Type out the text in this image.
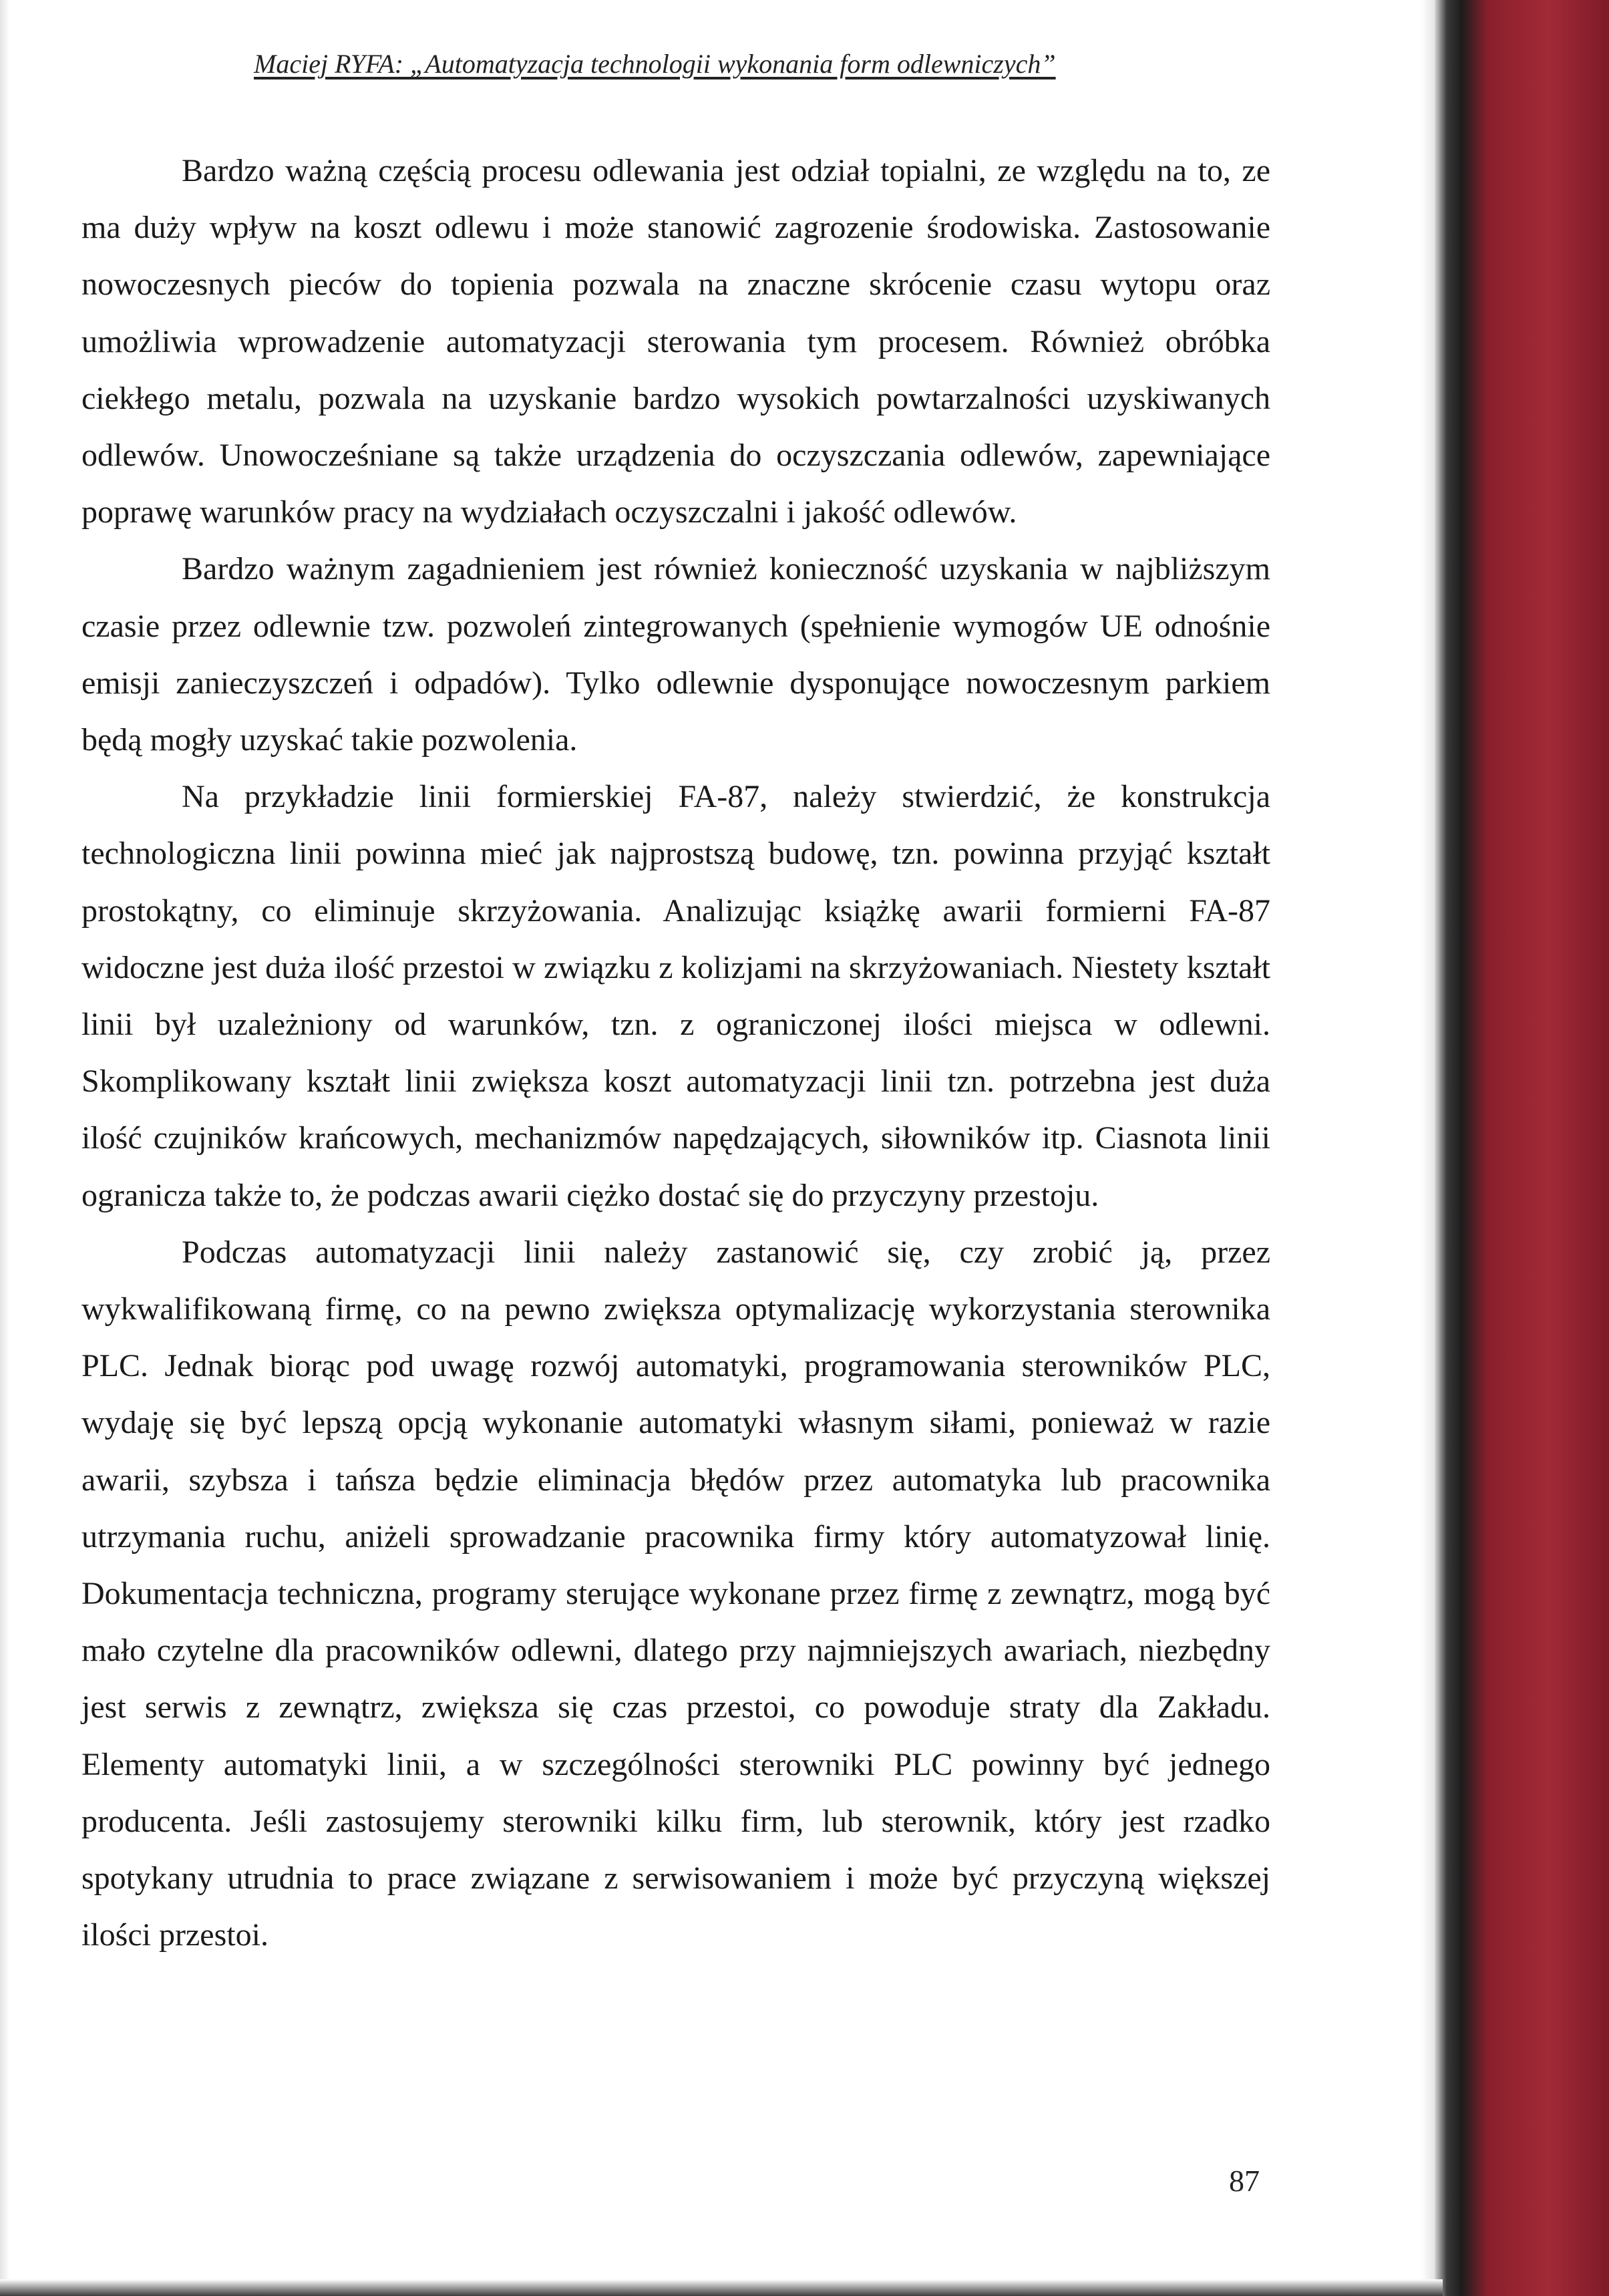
Maciej RYFA: „Automatyzacja technologii wykonania form odlewniczych”

Bardzo ważną częścią procesu odlewania jest odział topialni, ze względu na to, ze ma duży wpływ na koszt odlewu i może stanowić zagrozenie środowiska. Zastosowanie nowoczesnych pieców do topienia pozwala na znaczne skrócenie czasu wytopu oraz umożliwia wprowadzenie automatyzacji sterowania tym procesem. Również obróbka ciekłego metalu, pozwala na uzyskanie bardzo wysokich powtarzalności uzyskiwanych odlewów. Unowocześniane są także urządzenia do oczyszczania odlewów, zapewniające poprawę warunków pracy na wydziałach oczyszczalni i jakość odlewów.

Bardzo ważnym zagadnieniem jest również konieczność uzyskania w najbliższym czasie przez odlewnie tzw. pozwoleń zintegrowanych (spełnienie wymogów UE odnośnie emisji zanieczyszczeń i odpadów). Tylko odlewnie dysponujące nowoczesnym parkiem będą mogły uzyskać takie pozwolenia.

Na przykładzie linii formierskiej FA-87, należy stwierdzić, że konstrukcja technologiczna linii powinna mieć jak najprostszą budowę, tzn. powinna przyjąć kształt prostokątny, co eliminuje skrzyżowania. Analizując książkę awarii formierni FA-87 widoczne jest duża ilość przestoi w związku z kolizjami na skrzyżowaniach. Niestety kształt linii był uzależniony od warunków, tzn. z ograniczonej ilości miejsca w odlewni. Skomplikowany kształt linii zwiększa koszt automatyzacji linii tzn. potrzebna jest duża ilość czujników krańcowych, mechanizmów napędzających, siłowników itp. Ciasnota linii ogranicza także to, że podczas awarii ciężko dostać się do przyczyny przestoju.

Podczas automatyzacji linii należy zastanowić się, czy zrobić ją, przez wykwalifikowaną firmę, co na pewno zwiększa optymalizację wykorzystania sterownika PLC. Jednak biorąc pod uwagę rozwój automatyki, programowania sterowników PLC, wydaję się być lepszą opcją wykonanie automatyki własnym siłami, ponieważ w razie awarii, szybsza i tańsza będzie eliminacja błędów przez automatyka lub pracownika utrzymania ruchu, aniżeli sprowadzanie pracownika firmy który automatyzował linię. Dokumentacja techniczna, programy sterujące wykonane przez firmę z zewnątrz, mogą być mało czytelne dla pracowników odlewni, dlatego przy najmniejszych awariach, niezbędny jest serwis z zewnątrz, zwiększa się czas przestoi, co powoduje straty dla Zakładu. Elementy automatyki linii, a w szczególności sterowniki PLC powinny być jednego producenta. Jeśli zastosujemy sterowniki kilku firm, lub sterownik, który jest rzadko spotykany utrudnia to prace związane z serwisowaniem i może być przyczyną większej ilości przestoi.

87
